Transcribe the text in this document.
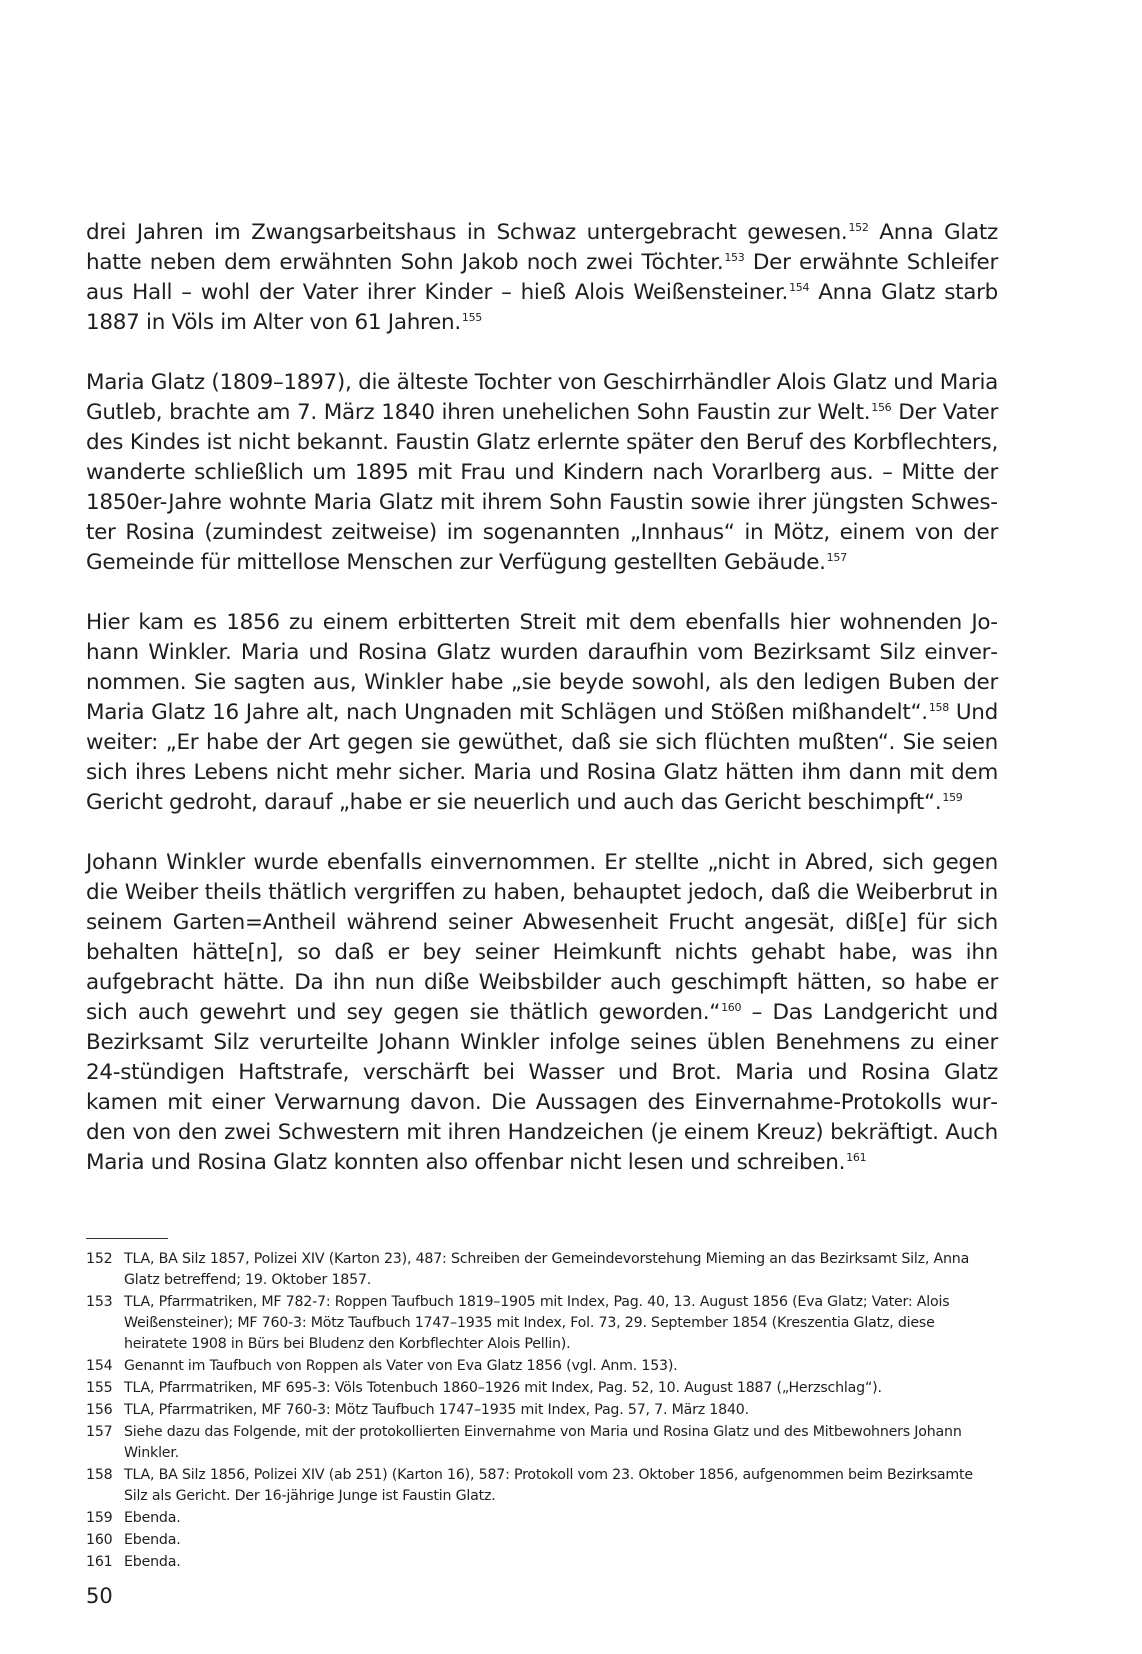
drei Jahren im Zwangsarbeitshaus in Schwaz untergebracht gewesen.$^{152}$ Anna Glatz hatte neben dem erwähnten Sohn Jakob noch zwei Töchter.$^{153}$ Der erwähnte Schleifer aus Hall – wohl der Vater ihrer Kinder – hieß Alois Weißensteiner.$^{154}$ Anna Glatz starb 1887 in Völs im Alter von 61 Jahren.$^{155}$

Maria Glatz (1809–1897), die älteste Tochter von Geschirrhändler Alois Glatz und Maria Gutleb, brachte am 7. März 1840 ihren unehelichen Sohn Faustin zur Welt.$^{156}$ Der Vater des Kindes ist nicht bekannt. Faustin Glatz erlernte später den Beruf des Korbflechters, wanderte schließlich um 1895 mit Frau und Kindern nach Vorarlberg aus. – Mitte der 1850er-Jahre wohnte Maria Glatz mit ihrem Sohn Faustin sowie ihrer jüngsten Schwester Rosina (zumindest zeitweise) im sogenannten „Innhaus“ in Mötz, einem von der Gemeinde für mittellose Menschen zur Verfügung gestellten Gebäude.$^{157}$

Hier kam es 1856 zu einem erbitterten Streit mit dem ebenfalls hier wohnenden Johann Winkler. Maria und Rosina Glatz wurden daraufhin vom Bezirksamt Silz einvernommen. Sie sagten aus, Winkler habe „sie beyde sowohl, als den ledigen Buben der Maria Glatz 16 Jahre alt, nach Ungnaden mit Schlägen und Stößen mißhandelt“.$^{158}$ Und weiter: „Er habe der Art gegen sie gewüthet, daß sie sich flüchten mußten“. Sie seien sich ihres Lebens nicht mehr sicher. Maria und Rosina Glatz hätten ihm dann mit dem Gericht gedroht, darauf „habe er sie neuerlich und auch das Gericht beschimpft“.$^{159}$

Johann Winkler wurde ebenfalls einvernommen. Er stellte „nicht in Abred, sich gegen die Weiber theils thätlich vergriffen zu haben, behauptet jedoch, daß die Weiberbrut in seinem Garten=Antheil während seiner Abwesenheit Frucht angesät, diß[e] für sich behalten hätte[n], so daß er bey seiner Heimkunft nichts gehabt habe, was ihn aufgebracht hätte. Da ihn nun diße Weibsbilder auch geschimpft hätten, so habe er sich auch gewehrt und sey gegen sie thätlich geworden.“$^{160}$ – Das Landgericht und Bezirksamt Silz verurteilte Johann Winkler infolge seines üblen Benehmens zu einer 24-stündigen Haftstrafe, verschärft bei Wasser und Brot. Maria und Rosina Glatz kamen mit einer Verwarnung davon. Die Aussagen des Einvernahme-Protokolls wurden von den zwei Schwestern mit ihren Handzeichen (je einem Kreuz) bekräftigt. Auch Maria und Rosina Glatz konnten also offenbar nicht lesen und schreiben.$^{161}$

152 TLA, BA Silz 1857, Polizei XIV (Karton 23), 487: Schreiben der Gemeindevorstehung Mieming an das Bezirksamt Silz, Anna Glatz betreffend; 19. Oktober 1857.
153 TLA, Pfarrmatriken, MF 782-7: Roppen Taufbuch 1819–1905 mit Index, Pag. 40, 13. August 1856 (Eva Glatz; Vater: Alois Weißensteiner); MF 760-3: Mötz Taufbuch 1747–1935 mit Index, Fol. 73, 29. September 1854 (Kreszentia Glatz, diese heiratete 1908 in Bürs bei Bludenz den Korbflechter Alois Pellin).
154 Genannt im Taufbuch von Roppen als Vater von Eva Glatz 1856 (vgl. Anm. 153).
155 TLA, Pfarrmatriken, MF 695-3: Völs Totenbuch 1860–1926 mit Index, Pag. 52, 10. August 1887 („Herzschlag“).
156 TLA, Pfarrmatriken, MF 760-3: Mötz Taufbuch 1747–1935 mit Index, Pag. 57, 7. März 1840.
157 Siehe dazu das Folgende, mit der protokollierten Einvernahme von Maria und Rosina Glatz und des Mitbewohners Johann Winkler.
158 TLA, BA Silz 1856, Polizei XIV (ab 251) (Karton 16), 587: Protokoll vom 23. Oktober 1856, aufgenommen beim Bezirksamte Silz als Gericht. Der 16-jährige Junge ist Faustin Glatz.
159 Ebenda.
160 Ebenda.
161 Ebenda.
50
